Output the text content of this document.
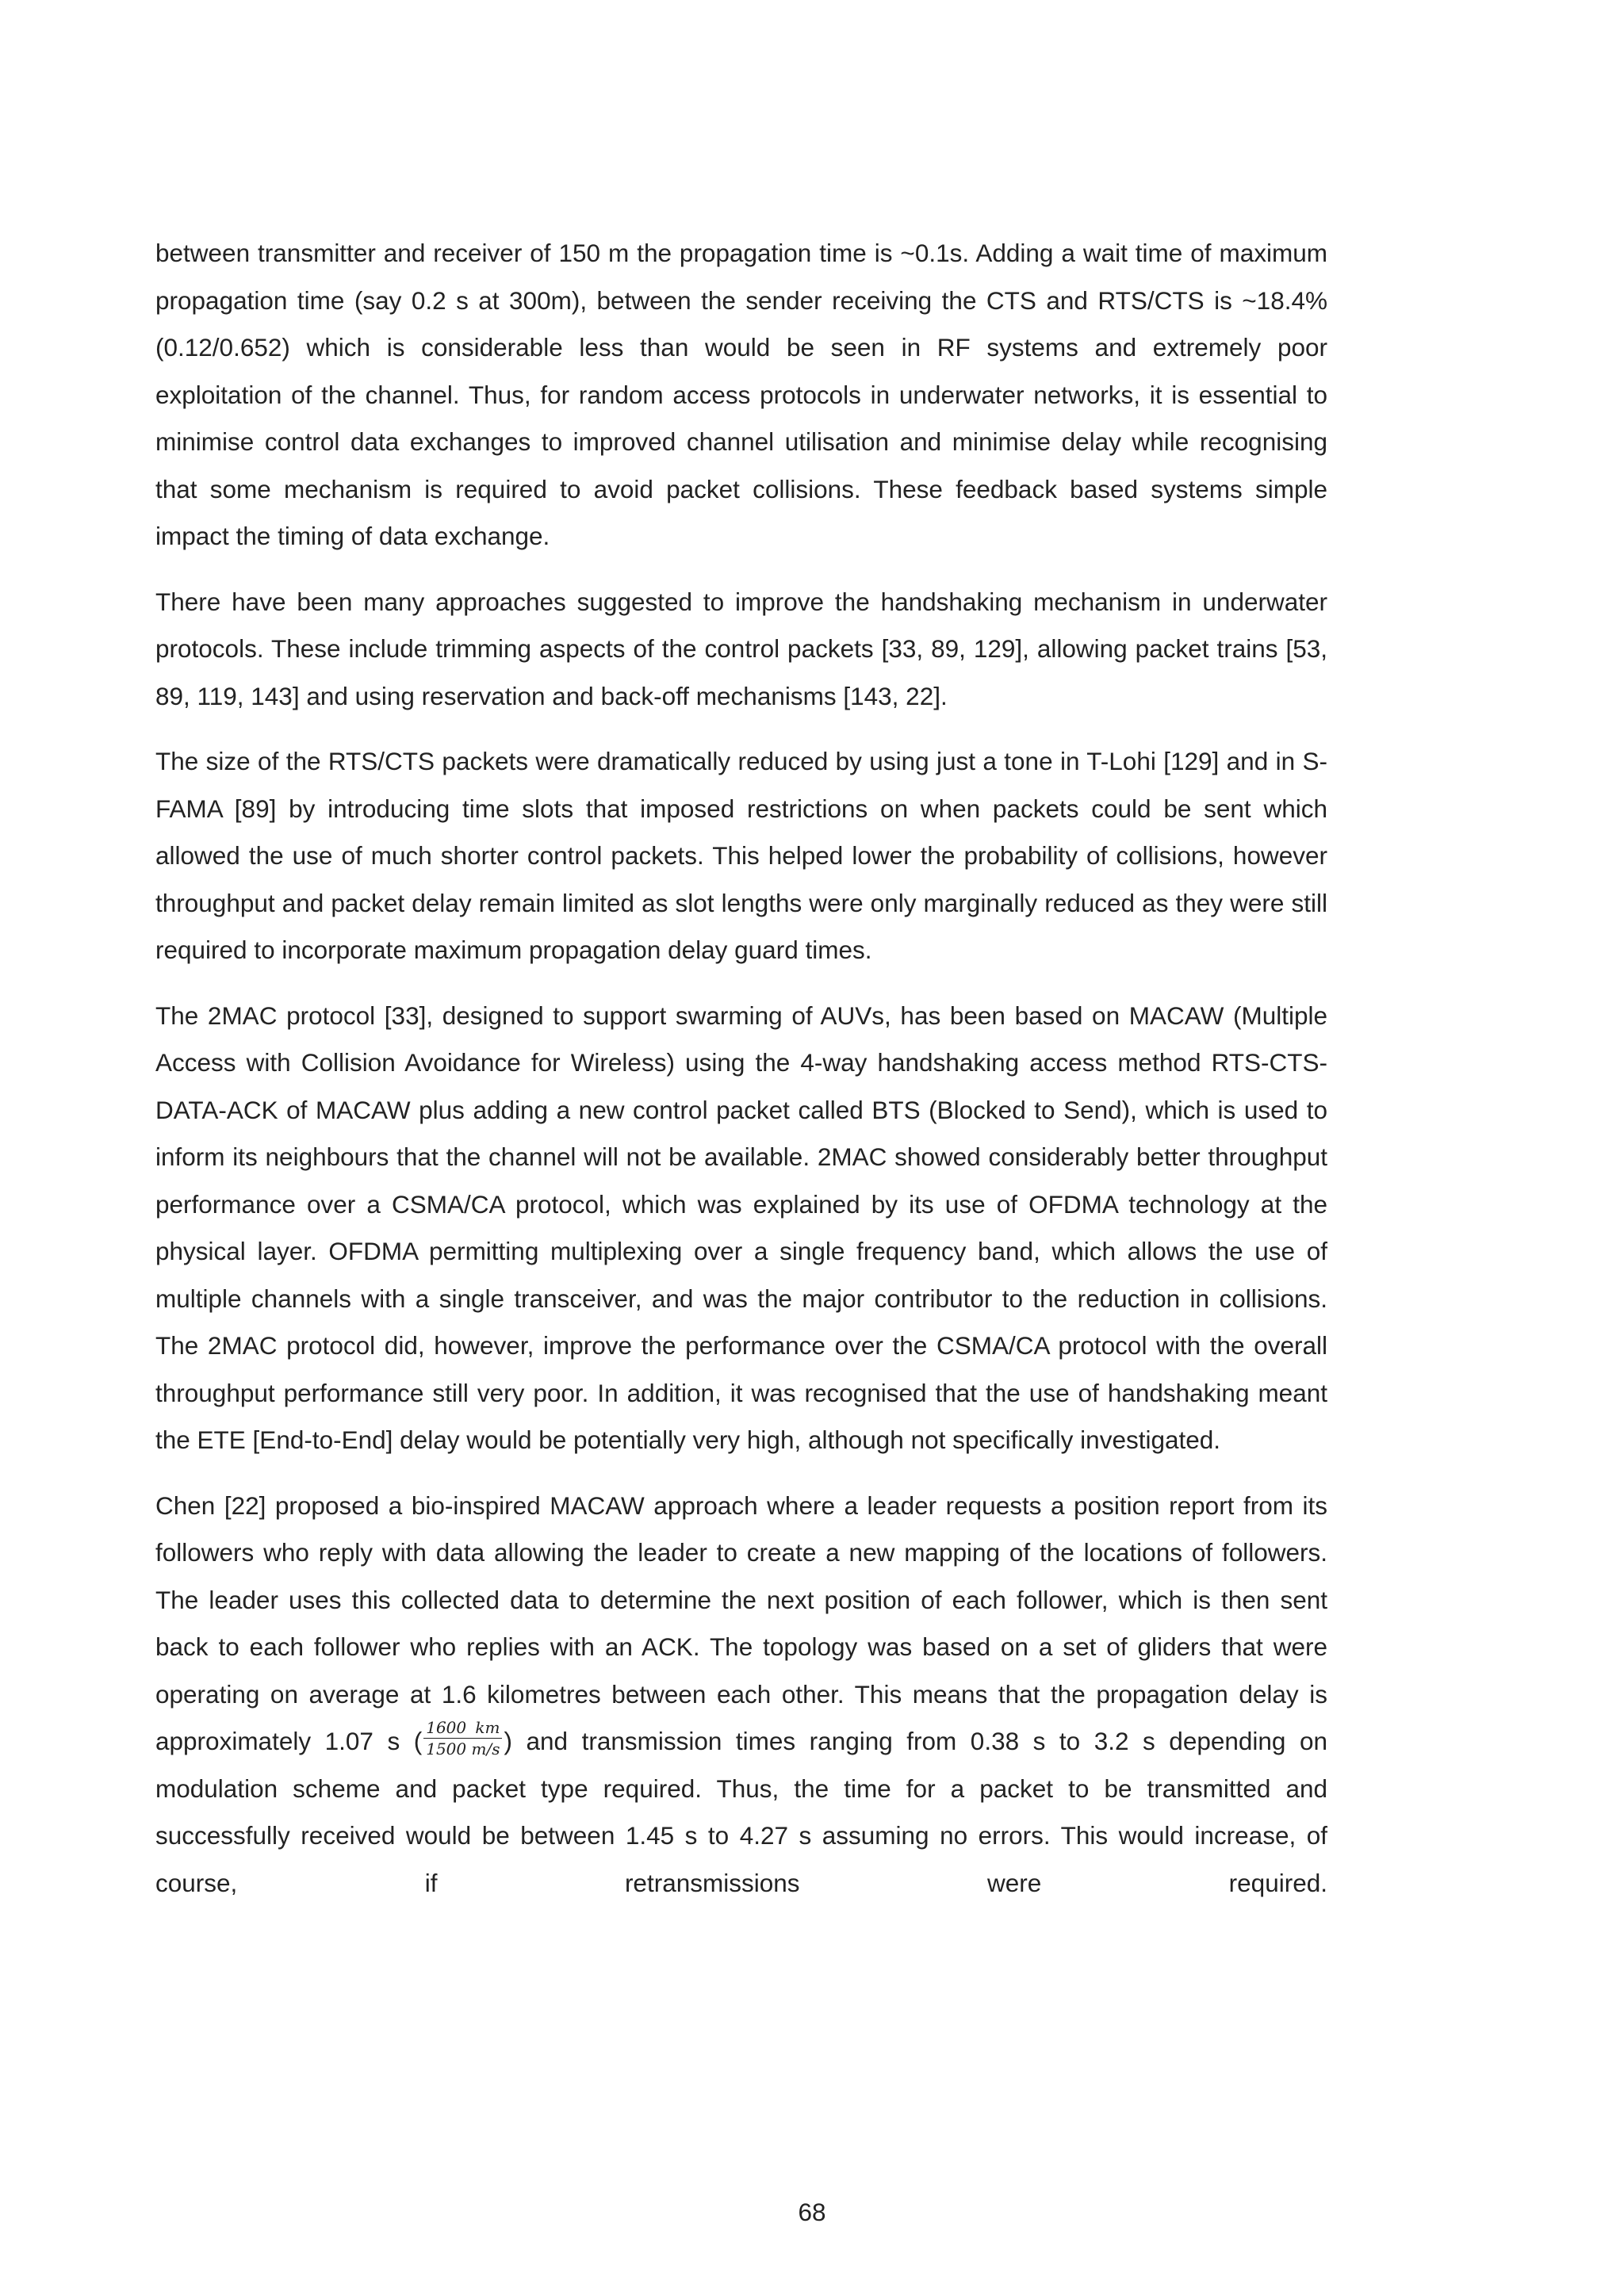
between transmitter and receiver of 150 m the propagation time is ~0.1s. Adding a wait time of maximum propagation time (say 0.2 s at 300m), between the sender receiving the CTS and RTS/CTS is ~18.4% (0.12/0.652) which is considerable less than would be seen in RF systems and extremely poor exploitation of the channel. Thus, for random access protocols in underwater networks, it is essential to minimise control data exchanges to improved channel utilisation and minimise delay while recognising that some mechanism is required to avoid packet collisions. These feedback based systems simple impact the timing of data exchange.

There have been many approaches suggested to improve the handshaking mechanism in underwater protocols. These include trimming aspects of the control packets [33, 89, 129], allowing packet trains [53, 89, 119, 143] and using reservation and back-off mechanisms [143, 22].

The size of the RTS/CTS packets were dramatically reduced by using just a tone in T-Lohi [129] and in S-FAMA [89] by introducing time slots that imposed restrictions on when packets could be sent which allowed the use of much shorter control packets. This helped lower the probability of collisions, however throughput and packet delay remain limited as slot lengths were only marginally reduced as they were still required to incorporate maximum propagation delay guard times.

The 2MAC protocol [33], designed to support swarming of AUVs, has been based on MACAW (Multiple Access with Collision Avoidance for Wireless) using the 4-way handshaking access method RTS-CTS-DATA-ACK of MACAW plus adding a new control packet called BTS (Blocked to Send), which is used to inform its neighbours that the channel will not be available. 2MAC showed considerably better throughput performance over a CSMA/CA protocol, which was explained by its use of OFDMA technology at the physical layer. OFDMA permitting multiplexing over a single frequency band, which allows the use of multiple channels with a single transceiver, and was the major contributor to the reduction in collisions. The 2MAC protocol did, however, improve the performance over the CSMA/CA protocol with the overall throughput performance still very poor. In addition, it was recognised that the use of handshaking meant the ETE [End-to-End] delay would be potentially very high, although not specifically investigated.

Chen [22] proposed a bio-inspired MACAW approach where a leader requests a position report from its followers who reply with data allowing the leader to create a new mapping of the locations of followers. The leader uses this collected data to determine the next position of each follower, which is then sent back to each follower who replies with an ACK. The topology was based on a set of gliders that were operating on average at 1.6 kilometres between each other. This means that the propagation delay is approximately 1.07 s ( $\frac{1600 km}{1500 m/s}$ ) and transmission times ranging from 0.38 s to 3.2 s depending on modulation scheme and packet type required. Thus, the time for a packet to be transmitted and successfully received would be between 1.45 s to 4.27 s assuming no errors. This would increase, of course, if retransmissions were required.

68
